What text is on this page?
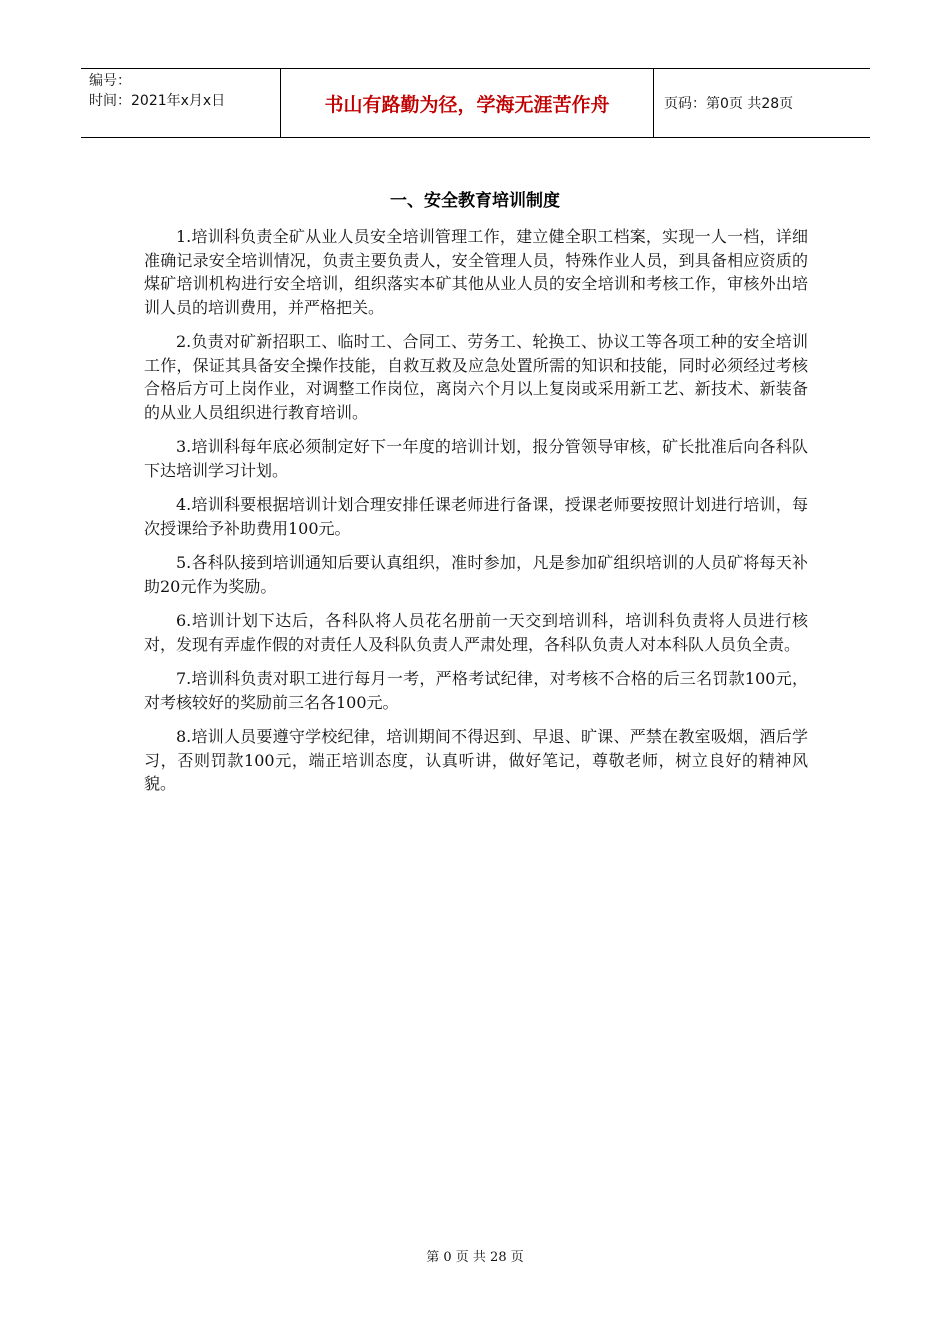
编号：
时间：2021年x月x日	书山有路勤为径，学海无涯苦作舟	页码：第0页 共28页
一、安全教育培训制度

1.培训科负责全矿从业人员安全培训管理工作，建立健全职工档案，实现一人一档，详细准确记录安全培训情况，负责主要负责人，安全管理人员，特殊作业人员，到具备相应资质的煤矿培训机构进行安全培训，组织落实本矿其他从业人员的安全培训和考核工作，审核外出培训人员的培训费用，并严格把关。

2.负责对矿新招职工、临时工、合同工、劳务工、轮换工、协议工等各项工种的安全培训工作，保证其具备安全操作技能，自救互救及应急处置所需的知识和技能，同时必须经过考核合格后方可上岗作业，对调整工作岗位，离岗六个月以上复岗或采用新工艺、新技术、新装备的从业人员组织进行教育培训。

3.培训科每年底必须制定好下一年度的培训计划，报分管领导审核，矿长批准后向各科队下达培训学习计划。

4.培训科要根据培训计划合理安排任课老师进行备课，授课老师要按照计划进行培训，每次授课给予补助费用100元。

5.各科队接到培训通知后要认真组织，准时参加，凡是参加矿组织培训的人员矿将每天补助20元作为奖励。

6.培训计划下达后，各科队将人员花名册前一天交到培训科，培训科负责将人员进行核对，发现有弄虚作假的对责任人及科队负责人严肃处理，各科队负责人对本科队人员负全责。

7.培训科负责对职工进行每月一考，严格考试纪律，对考核不合格的后三名罚款100元，对考核较好的奖励前三名各100元。

8.培训人员要遵守学校纪律，培训期间不得迟到、早退、旷课、严禁在教室吸烟，酒后学习，否则罚款100元，端正培训态度，认真听讲，做好笔记，尊敬老师，树立良好的精神风貌。

第 0 页 共 28 页
